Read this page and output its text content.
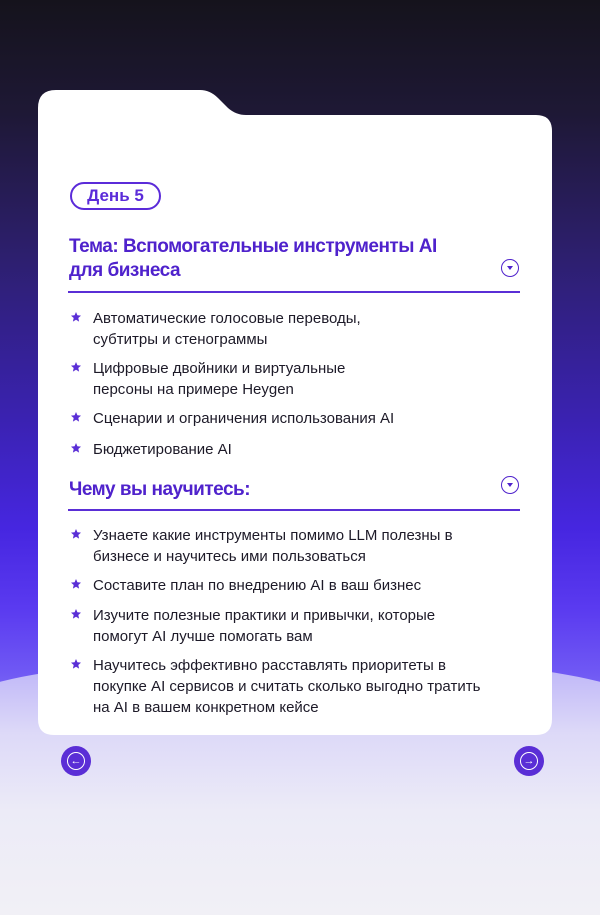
День 5
Тема: Вспомогательные инструменты AI
для бизнеса
Автоматические голосовые переводы,
субтитры и стенограммы
Цифровые двойники и виртуальные
персоны на примере Heygen
Сценарии и ограничения использования AI
Бюджетирование AI
Чему вы научитесь:
Узнаете какие инструменты помимо LLM полезны в
бизнесе и научитесь ими пользоваться
Составите план по внедрению AI в ваш бизнес
Изучите полезные практики и привычки, которые
помогут AI лучше помогать вам
Научитесь эффективно расставлять приоритеты в
покупке AI сервисов и считать сколько выгодно тратить
на AI в вашем конкретном кейсе
←	→
